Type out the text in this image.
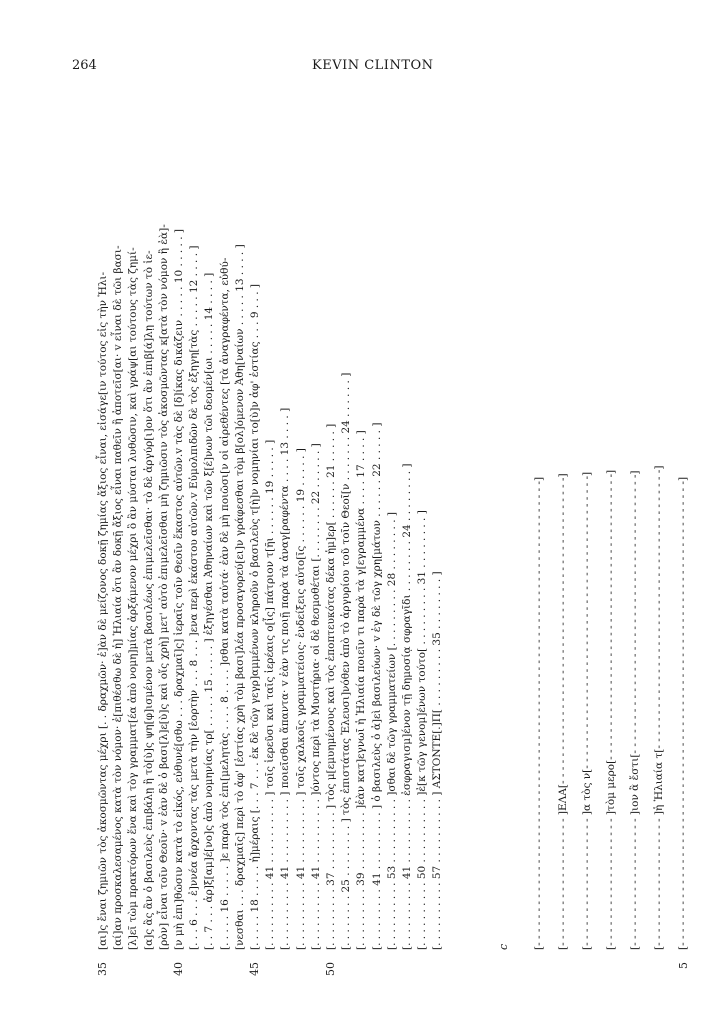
264	KEVIN CLINTON
[αι]ς ἔναι ζημιῶν τὸς ἀκοσμῶντας μέχρι [. . δραχμῶν· ἐ]ὰν δὲ μείζονος δοκῇ ζημίας ἄξιος εἶναι, εἰσάγε[ιν τούτος εἰς τὴν Ἡλι- [αί]αν προσκαλεσαμένος κατὰ τὸν νόμον· ἐ[πιθέσθω δὲ ἡ] Ἡλιαία ὅτι ἂν δοκῇ ἄξιος εἶναι παθεῖν ἢ ἀποτεῖσ[αι· v εἶναι δὲ τῶι βασι- [λ]εῖ τὼμ πρακτόρων ἕνα καὶ τὸγ γραμματ[έα ἀπὸ νομη]μίας ἀρξάμενον μέχρι ὃ ἂν μύσται λυθῶσιν, καὶ γράψ[αι τούτους τὰς ζημί- [α]ς ἃς ἂν ὁ βασιλεὺς ἐπιβάλῃ ἢ τὸ[ὺ]ς ψη[φ]ισμένον μετὰ βασιλέως ἐπιμελεῖσθαι· τὸ δὲ ἀργύρ[ι]ον ὅτι ἂν ἐπιβ[ά]λῃ τούτων τὸ ἱε- [ρὸν] εἶναι τοῖν Θεοῖν· v ἐὰν δὲ ὁ βασι[λ]ε[ὺ]ς καὶ οἵς χρὴ] μετ' αὐτὸ ἐπιμελεῖσθαι μὴ ζημιῶσιν τὸς ἀκοσμῶντας κ[ατὰ τὸν νόμον ἢ ἐὰ]- [ν μὴ ἐπι]θῶσιν κατὰ τὸ εἰκός, εὐθυνέ[σθω . . . δραχμαῖ]ς] ἱεραῖς τοῖν Θεοῖν ἕκαστος αὐτῶν.v τὰς δὲ [δ]ίκας δικάζειν . . . . . 10 . . . . . ] [. . . 6 . . . ἐ]ννέα ἄρχοντας τὰς μετὰ τὴν [ἑορτὴν . . . 8 . . . ]ενα περὶ ἑκάστου αὐτῶν.v Εὐμολπιδῶν δὲ τὸς ἐξηγη[τὰς . . . . . 12 . . . . ] [. . 7 . . . ἀρ]ξ[αμ]έ[νο]ς ἀπὸ νομηνίας τρ[ . . . . . 15 . . . . . ] ἐξηγέσθαι Ἀθηναίων καὶ τῶν ξ[έ]νων τῶι δεομέν[ωι . . . . . 14 . . . . ] [. . . . . 16 . . . . . ]ε παρὰ τὸς ἐπι[μελητὰς . . . . 8 . . . . ]σθαι κατὰ ταὐτά· ἐὰν δὲ μὴ ποιῶσι[ν οἱ αἱρεθέντες [τὰ ἀναγραφέντα, εὐθύ- [νεσθαι . . . δραχμαῖς] περὶ τὸ ἀφ' [ἑστίας χρὴ τὸμ βασι]λέα προσαγορεύ[ει]ν γράφεσθαι τὸμ β[ολ]όμενον Ἀθη[ναίων . . . . . 13 . . . . ] [. . . . . 18 . . . . . ἡ]μέραις [. . . 7 . . . ἐκ δὲ τῶγ γεγρ]αμμένων κληροῦν ὁ βασιλεὺς τ[ὴ]ν νομηνίαι το[ὺ]ν ἀφ' ἑστίας . . . 9 . . . ] [. . . . . . . . . . 41 . . . . . . . . . . ] τοῖς ἱερεῦσι καὶ ταῖς ἱερέαις ο[ἷς] πάτριον τ[ῆι . . . . . . 19 . . . . . ] [. . . . . . . . . . 41 . . . . . . . . . . ] ποιεῖσθαι ἅπαντα· v ἐὰν τις ποιῇ παρὰ τὰ ἀναγ[ραφέντα . . . . 13 . . . . ] [. . . . . . . . . . 41 . . . . . . . . . . ] τοῖς χαλκοῖς γραμματείοις· ἐνδείξεις αὐτο[ῖς . . . . . . 19 . . . . . ] [. . . . . . . . . . 41 . . . . . . . . . . ]όντος περὶ τὰ Μυστήρια· οἱ δὲ θεσμοθέται [. . . . . . . . 22 . . . . . . ] [. . . . . . . . . 37 . . . . . . . . . ] τὸς μ[εμυημένους καὶ τὸς ἐποπτευκότας δέκα ἡμ]ερ[ . . . . . . 21 . . . . . ] [. . . . . . . . 25 . . . . . . . . ] τὸς ἐπιστάτας Ἐλευσι]νόθεν ἀπὸ τὸ ἀργυρίου τοῦ τοῖν Θεοῖ[ν . . . . . . . 24 . . . . . . ] [. . . . . . . . . 39 . . . . . . . . . ]ἐὰν κατ]εγνωῖ ἡ Ἡλιαία ποιεῖν τι παρὰ τὰ γ[εγραμμένα . . . . 17 . . . . ] [. . . . . . . . . 41 . . . . . . . . . ] ὁ βασιλεὺς ὁ ἀ]εὶ βασιλεύων· v ἐγ δὲ τῶγ χρη[μάτων . . . . . . 22 . . . . . ] [. . . . . . . . . . 53 . . . . . . . . . . ]σθαι δὲ τῶγ γραμματείων [. . . . . . . . . 28 . . . . . . . . ] [. . . . . . . . . . 41 . . . . . . . . . . ἐσφραγισμ]ένον τῇ δημοσίᾳ σφραγῖδι . . . . . . . . 24 . . . . . . . . ] [. . . . . . . . . . 50 . . . . . . . . . . ]ἐ[κ τῶγ γενομ]ένων τούτο[ . . . . . . . . . 31 . . . . . . . . ] [. . . . . . . . . . 57 . . . . . . . . . . ] ΑΣΤΟΝΤΕ[.]Π[ . . . . . . . . . 35 . . . . . . . . ]
35	40	45	50
c [- - - - - - - - - - - - - - - - - - - - - - - - - - - - - - - - - - - - - - - - - - - - - - - - - - - - - - - - - - - - - - - - - - - -] [- - - - - - - - - - - - - - - - - - - ]ΕΛΑ[- - - - - - - - - - - - - - - - - - - - - - - - - - - - - - - - - - - - - - - - - - - - -] [- - - - - - - - - - - - - - - - - - - ]α τὸς ν[- - - - - - - - - - - - - - - - - - - - - - - - - - - - - - - - - - - - - - - - - - -] [- - - - - - - - - - - - - - - - - - - ]τὸμ μερο[- - - - - - - - - - - - - - - - - - - - - - - - - - - - - - - - - - - - - - - - - -] [- - - - - - - - - - - - - - - - - - - ]ιον ἃ ἔστι[- - - - - - - - - - - - - - - - - - - - - - - - - - - - - - - - - - - - - - - - -] [- - - - - - - - - - - - - - - - - - - ]ἡ Ἡλιαία τ[- - - - - - - - - - - - - - - - - - - - - - - - - - - - - - - - - - - - - - - - -] [- - - - - - - - - - - - - - - - - - - - - - - - - - - - - - - - - - - - - - - - - - - - - - - - - - - - - - - - - - - - - - - - - - - -]
5
